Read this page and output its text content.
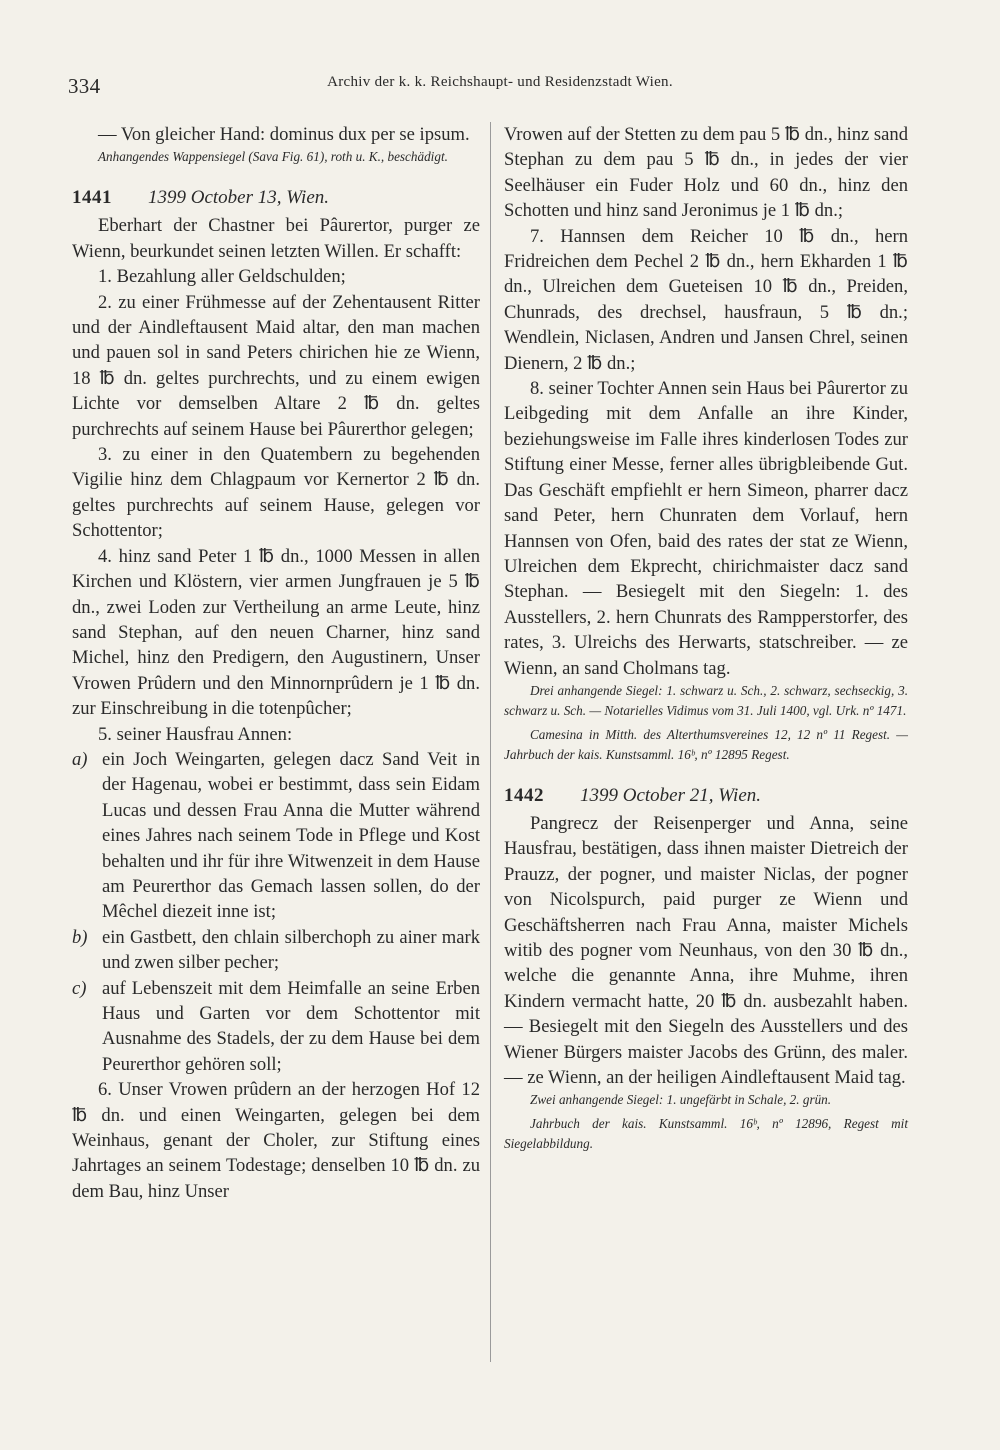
334	Archiv der k. k. Reichshaupt- und Residenzstadt Wien.

— Von gleicher Hand: dominus dux per se ipsum.

Anhangendes Wappensiegel (Sava Fig. 61), roth u. K., beschädigt.

1441 1399 October 13, Wien.

Eberhart der Chastner bei Pâurertor, purger ze Wienn, beurkundet seinen letzten Willen. Er schafft:

1. Bezahlung aller Geldschulden;

2. zu einer Frühmesse auf der Zehentausent Ritter und der Aindleftausent Maid altar, den man machen und pauen sol in sand Peters chirichen hie ze Wienn, 18 ℔ dn. geltes purchrechts, und zu einem ewigen Lichte vor demselben Altare 2 ℔ dn. geltes purchrechts auf seinem Hause bei Pâurerthor gelegen;

3. zu einer in den Quatembern zu begehenden Vigilie hinz dem Chlagpaum vor Kernertor 2 ℔ dn. geltes purchrechts auf seinem Hause, gelegen vor Schottentor;

4. hinz sand Peter 1 ℔ dn., 1000 Messen in allen Kirchen und Klöstern, vier armen Jungfrauen je 5 ℔ dn., zwei Loden zur Vertheilung an arme Leute, hinz sand Stephan, auf den neuen Charner, hinz sand Michel, hinz den Predigern, den Augustinern, Unser Vrowen Prûdern und den Minnornprûdern je 1 ℔ dn. zur Einschreibung in die totenpûcher;

5. seiner Hausfrau Annen:

a) ein Joch Weingarten, gelegen dacz Sand Veit in der Hagenau, wobei er bestimmt, dass sein Eidam Lucas und dessen Frau Anna die Mutter während eines Jahres nach seinem Tode in Pflege und Kost behalten und ihr für ihre Witwenzeit in dem Hause am Peurerthor das Gemach lassen sollen, do der Mêchel diezeit inne ist;
b) ein Gastbett, den chlain silberchoph zu ainer mark und zwen silber pecher;
c) auf Lebenszeit mit dem Heimfalle an seine Erben Haus und Garten vor dem Schottentor mit Ausnahme des Stadels, der zu dem Hause bei dem Peurerthor gehören soll;

6. Unser Vrowen prûdern an der herzogen Hof 12 ℔ dn. und einen Weingarten, gelegen bei dem Weinhaus, genant der Choler, zur Stiftung eines Jahrtages an seinem Todestage; denselben 10 ℔ dn. zu dem Bau, hinz Unser

Vrowen auf der Stetten zu dem pau 5 ℔ dn., hinz sand Stephan zu dem pau 5 ℔ dn., in jedes der vier Seelhäuser ein Fuder Holz und 60 dn., hinz den Schotten und hinz sand Jeronimus je 1 ℔ dn.;

7. Hannsen dem Reicher 10 ℔ dn., hern Fridreichen dem Pechel 2 ℔ dn., hern Ekharden 1 ℔ dn., Ulreichen dem Gueteisen 10 ℔ dn., Preiden, Chunrads, des drechsel, hausfraun, 5 ℔ dn.; Wendlein, Niclasen, Andren und Jansen Chrel, seinen Dienern, 2 ℔ dn.;

8. seiner Tochter Annen sein Haus bei Pâurertor zu Leibgeding mit dem Anfalle an ihre Kinder, beziehungsweise im Falle ihres kinderlosen Todes zur Stiftung einer Messe, ferner alles übrigbleibende Gut. Das Geschäft empfiehlt er hern Simeon, pharrer dacz sand Peter, hern Chunraten dem Vorlauf, hern Hannsen von Ofen, baid des rates der stat ze Wienn, Ulreichen dem Ekprecht, chirichmaister dacz sand Stephan. — Besiegelt mit den Siegeln: 1. des Ausstellers, 2. hern Chunrats des Rampperstorfer, des rates, 3. Ulreichs des Herwarts, statschreiber. — ze Wienn, an sand Cholmans tag.

Drei anhangende Siegel: 1. schwarz u. Sch., 2. schwarz, sechseckig, 3. schwarz u. Sch. — Notarielles Vidimus vom 31. Juli 1400, vgl. Urk. nº 1471.

Camesina in Mitth. des Alterthumsvereines 12, 12 nº 11 Regest. — Jahrbuch der kais. Kunstsamml. 16ᵇ, nº 12895 Regest.

1442 1399 October 21, Wien.

Pangrecz der Reisenperger und Anna, seine Hausfrau, bestätigen, dass ihnen maister Dietreich der Prauzz, der pogner, und maister Niclas, der pogner von Nicolspurch, paid purger ze Wienn und Geschäftsherren nach Frau Anna, maister Michels witib des pogner vom Neunhaus, von den 30 ℔ dn., welche die genannte Anna, ihre Muhme, ihren Kindern vermacht hatte, 20 ℔ dn. ausbezahlt haben. — Besiegelt mit den Siegeln des Ausstellers und des Wiener Bürgers maister Jacobs des Grünn, des maler. — ze Wienn, an der heiligen Aindleftausent Maid tag.

Zwei anhangende Siegel: 1. ungefärbt in Schale, 2. grün.

Jahrbuch der kais. Kunstsamml. 16ᵇ, nº 12896, Regest mit Siegelabbildung.
